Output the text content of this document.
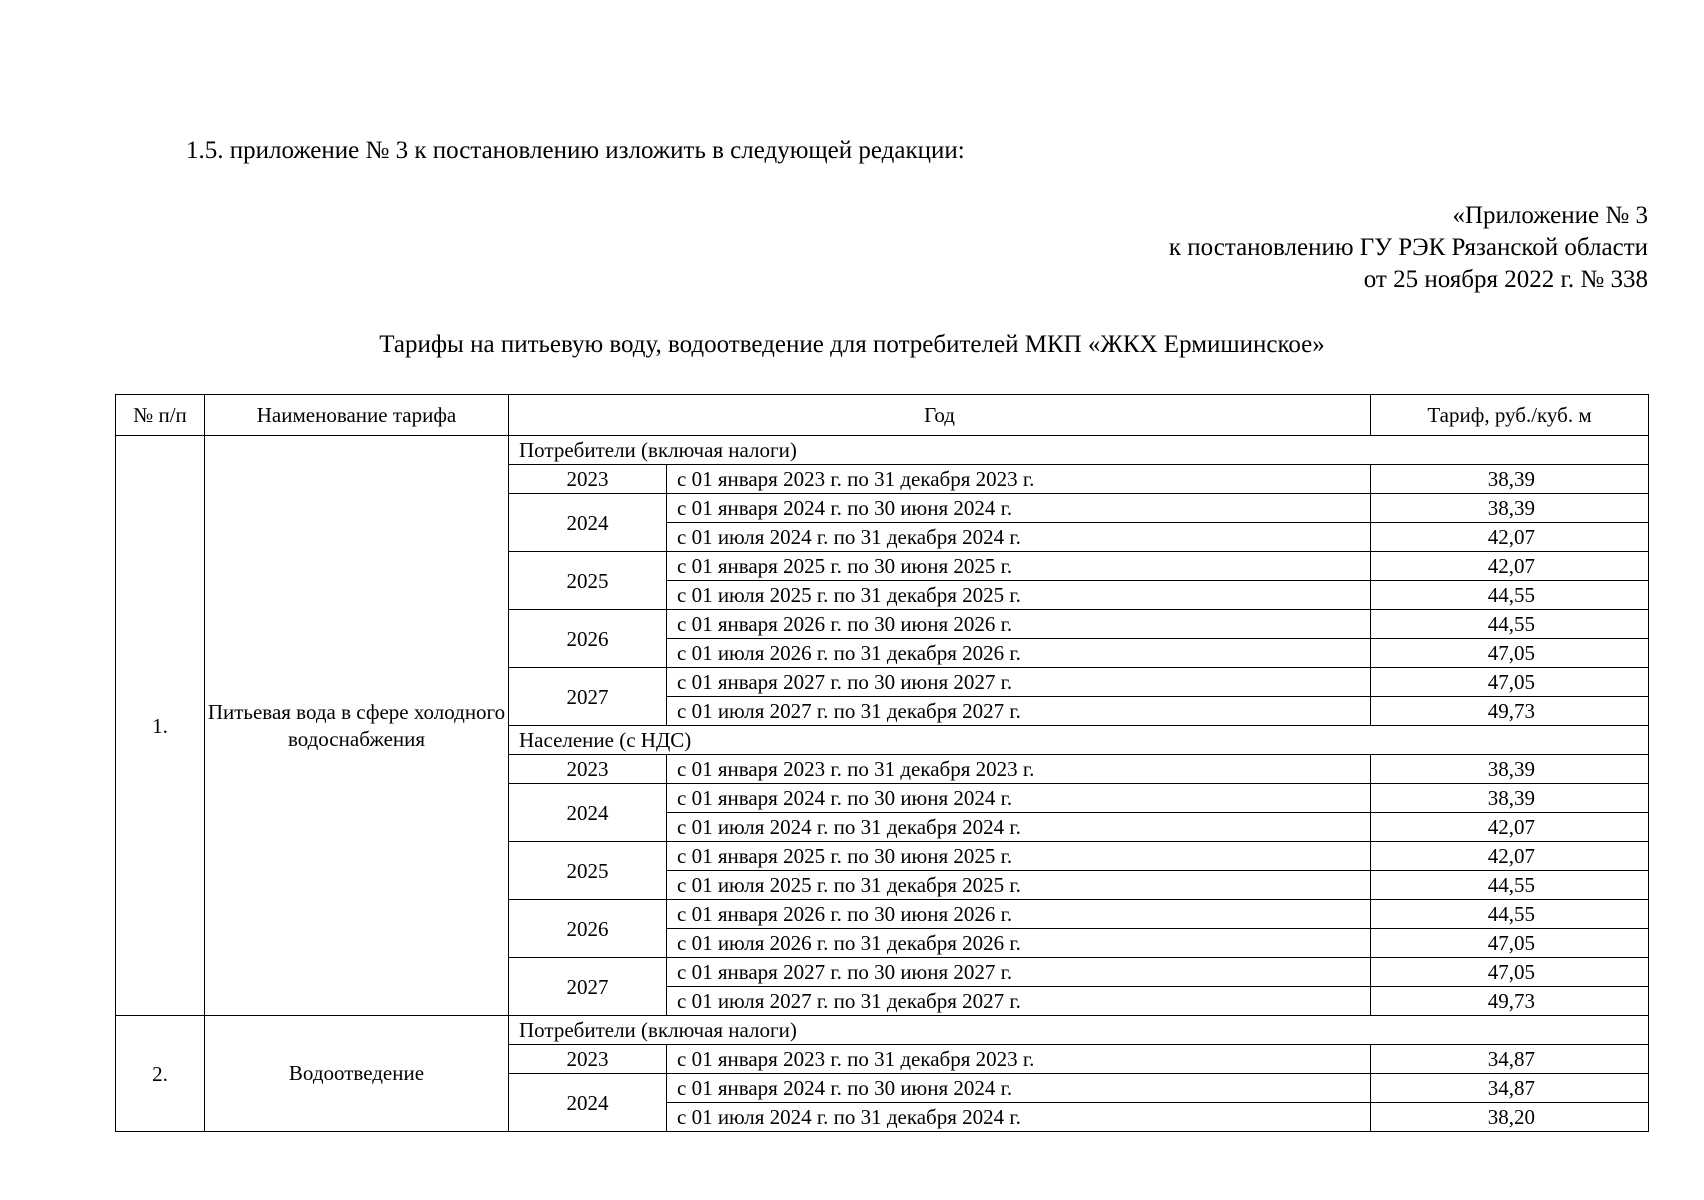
1.5. приложение № 3 к постановлению изложить в следующей редакции:
«Приложение № 3
к постановлению ГУ РЭК Рязанской области
от 25 ноября 2022 г. № 338
Тарифы на питьевую воду, водоотведение для потребителей МКП «ЖКХ Ермишинское»
№ п/п	Наименование тарифа	Год		Тариф, руб./куб. м
1.	Питьевая вода в сфере холодного водоснабжения	Потребители (включая налоги)		
		2023	с 01 января 2023 г. по 31 декабря 2023 г.	38,39
		2024	с 01 января 2024 г. по 30 июня 2024 г.	38,39
			с 01 июля 2024 г. по 31 декабря 2024 г.	42,07
		2025	с 01 января 2025 г. по 30 июня 2025 г.	42,07
			с 01 июля 2025 г. по 31 декабря 2025 г.	44,55
		2026	с 01 января 2026 г. по 30 июня 2026 г.	44,55
			с 01 июля 2026 г. по 31 декабря 2026 г.	47,05
		2027	с 01 января 2027 г. по 30 июня 2027 г.	47,05
			с 01 июля 2027 г. по 31 декабря 2027 г.	49,73
		Население (с НДС)		
		2023	с 01 января 2023 г. по 31 декабря 2023 г.	38,39
		2024	с 01 января 2024 г. по 30 июня 2024 г.	38,39
			с 01 июля 2024 г. по 31 декабря 2024 г.	42,07
		2025	с 01 января 2025 г. по 30 июня 2025 г.	42,07
			с 01 июля 2025 г. по 31 декабря 2025 г.	44,55
		2026	с 01 января 2026 г. по 30 июня 2026 г.	44,55
			с 01 июля 2026 г. по 31 декабря 2026 г.	47,05
		2027	с 01 января 2027 г. по 30 июня 2027 г.	47,05
			с 01 июля 2027 г. по 31 декабря 2027 г.	49,73
2.	Водоотведение	Потребители (включая налоги)		
		2023	с 01 января 2023 г. по 31 декабря 2023 г.	34,87
		2024	с 01 января 2024 г. по 30 июня 2024 г.	34,87
			с 01 июля 2024 г. по 31 декабря 2024 г.	38,20
